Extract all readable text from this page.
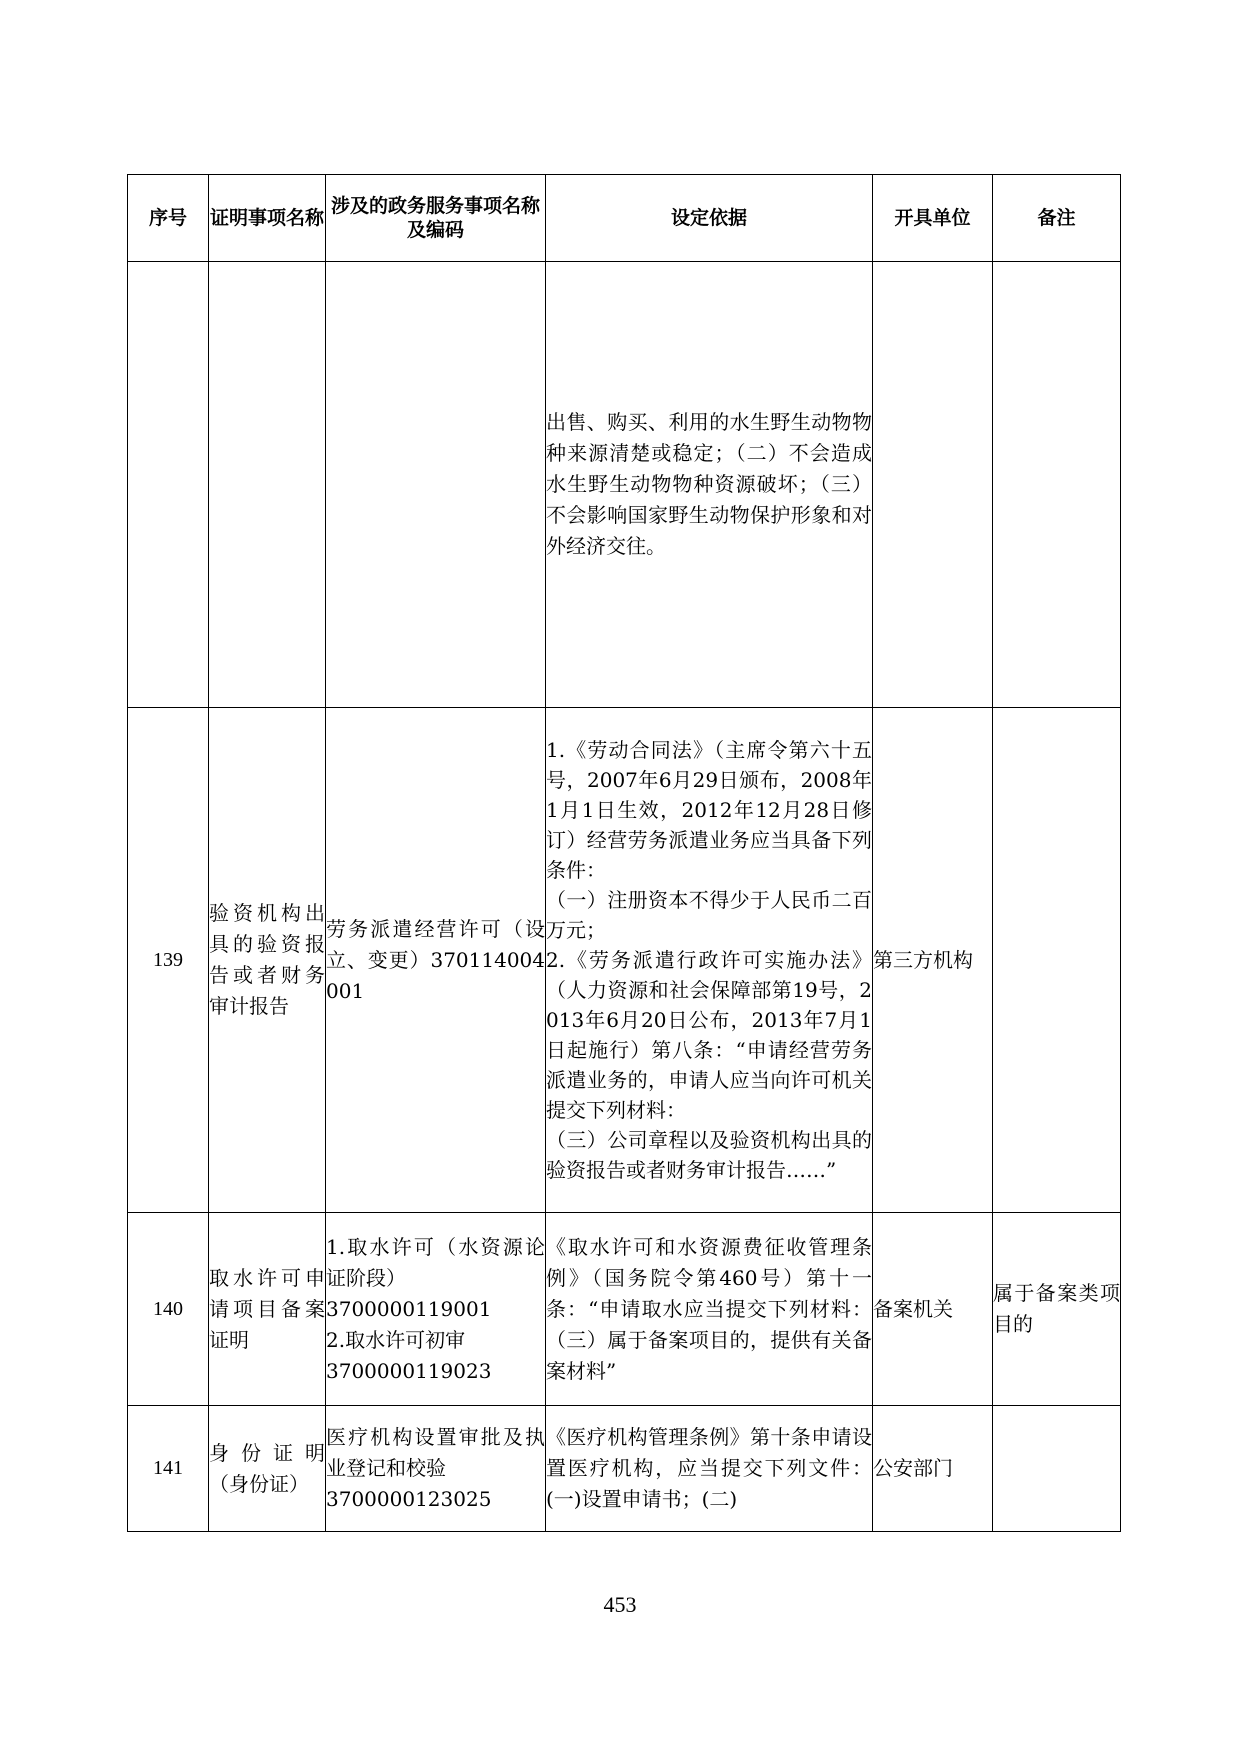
序号	证明事项名称	涉及的政务服务事项名称及编码	设定依据	开具单位	备注
			出售、购买、利用的水生野生动物物种来源清楚或稳定；（二）不会造成水生野生动物物种资源破坏；（三）不会影响国家野生动物保护形象和对外经济交往。		
139	验资机构出具的验资报告或者财务审计报告	劳务派遣经营许可（设立、变更）370114004001	1.《劳动合同法》（主席令第六十五号，2007年6月29日颁布，2008年1月1日生效，2012年12月28日修订）经营劳务派遣业务应当具备下列条件：
（一）注册资本不得少于人民币二百万元；
2.《劳务派遣行政许可实施办法》（人力资源和社会保障部第19号，2013年6月20日公布，2013年7月1日起施行）第八条：“申请经营劳务派遣业务的，申请人应当向许可机关提交下列材料：
（三）公司章程以及验资机构出具的验资报告或者财务审计报告……”	第三方机构	
140	取水许可申请项目备案证明	1.取水许可（水资源论证阶段）
3700000119001
2.取水许可初审
3700000119023	《取水许可和水资源费征收管理条例》（国务院令第460号）第十一条：“申请取水应当提交下列材料：（三）属于备案项目的，提供有关备案材料”	备案机关	属于备案类项目的
141	身份证明（身份证）	医疗机构设置审批及执业登记和校验
3700000123025	《医疗机构管理条例》第十条申请设置医疗机构，应当提交下列文件：(一)设置申请书；(二)	公安部门	
453
